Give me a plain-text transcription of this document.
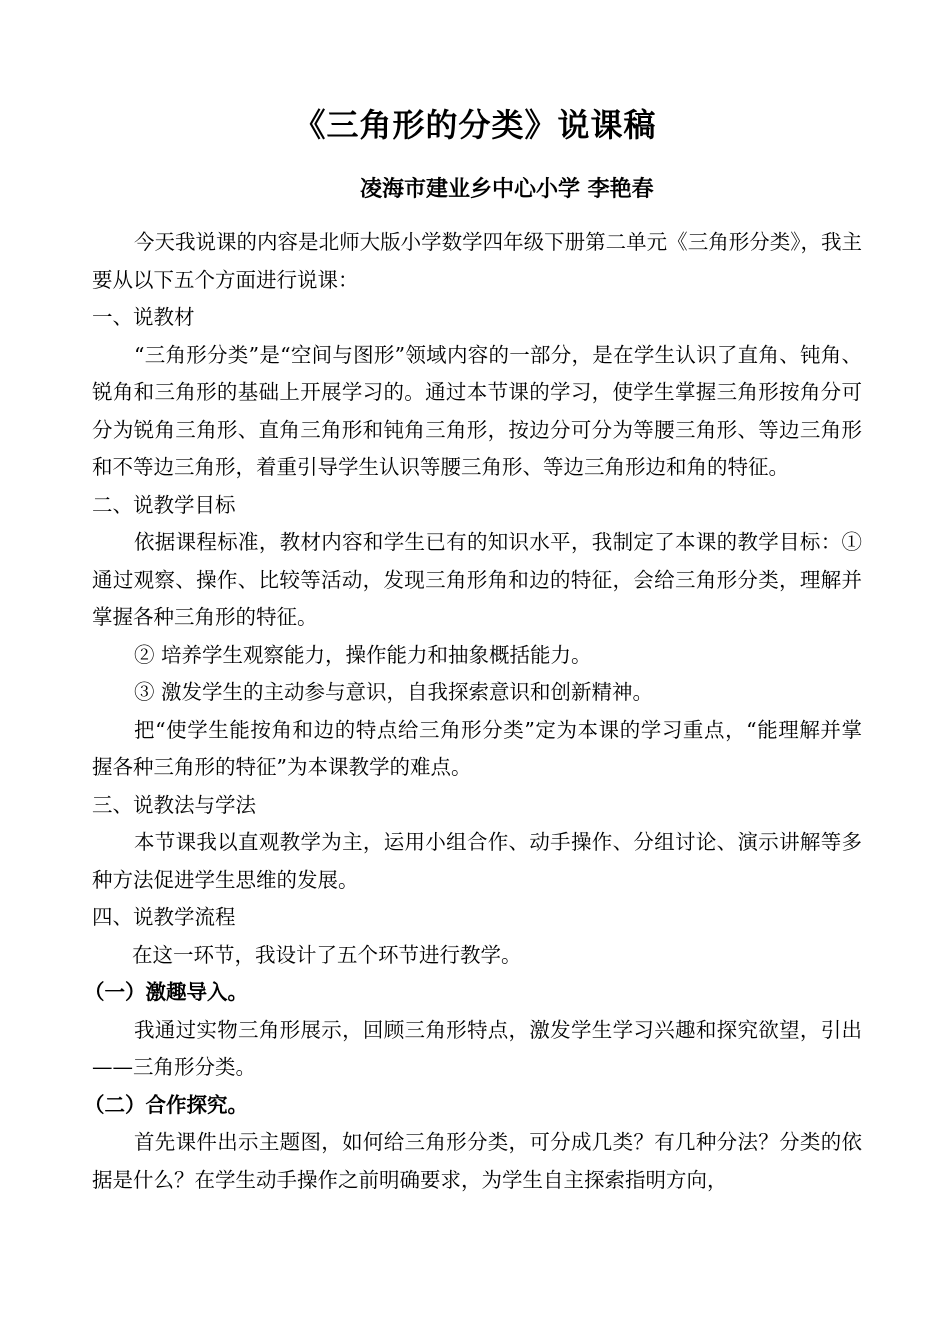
《三角形的分类》说课稿
凌海市建业乡中心小学 李艳春

今天我说课的内容是北师大版小学数学四年级下册第二单元《三角形分类》，我主要从以下五个方面进行说课：

一、说教材

“三角形分类”是“空间与图形”领域内容的一部分，是在学生认识了直角、钝角、锐角和三角形的基础上开展学习的。通过本节课的学习，使学生掌握三角形按角分可分为锐角三角形、直角三角形和钝角三角形，按边分可分为等腰三角形、等边三角形和不等边三角形，着重引导学生认识等腰三角形、等边三角形边和角的特征。

二、说教学目标

依据课程标准，教材内容和学生已有的知识水平，我制定了本课的教学目标：①通过观察、操作、比较等活动，发现三角形角和边的特征，会给三角形分类，理解并掌握各种三角形的特征。

② 培养学生观察能力，操作能力和抽象概括能力。

③ 激发学生的主动参与意识，自我探索意识和创新精神。

把“使学生能按角和边的特点给三角形分类”定为本课的学习重点，“能理解并掌握各种三角形的特征”为本课教学的难点。

三、说教法与学法

本节课我以直观教学为主，运用小组合作、动手操作、分组讨论、演示讲解等多种方法促进学生思维的发展。

四、说教学流程

在这一环节，我设计了五个环节进行教学。

（一）激趣导入。

我通过实物三角形展示，回顾三角形特点，激发学生学习兴趣和探究欲望，引出——三角形分类。

（二）合作探究。

首先课件出示主题图，如何给三角形分类，可分成几类？有几种分法？分类的依据是什么？在学生动手操作之前明确要求，为学生自主探索指明方向，
